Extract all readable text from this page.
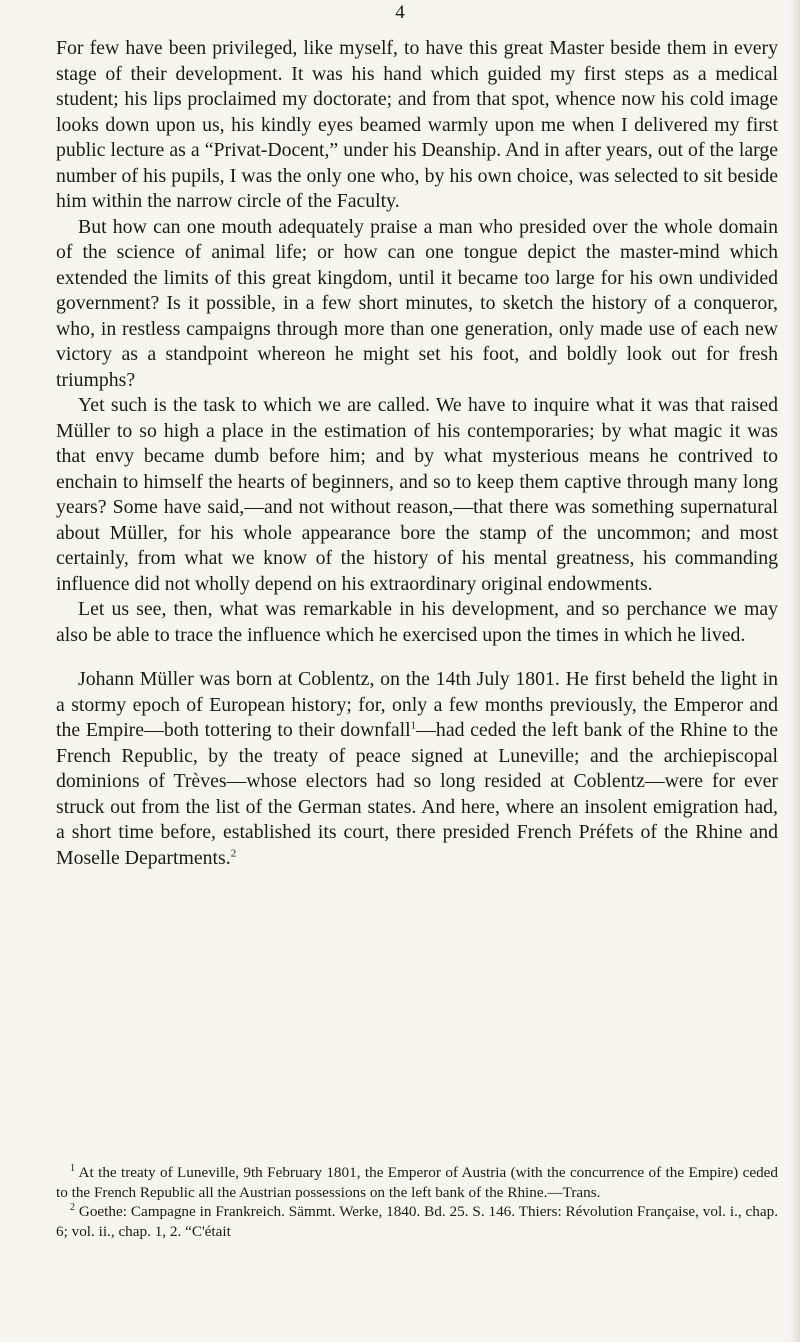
4

For few have been privileged, like myself, to have this great Master beside them in every stage of their development. It was his hand which guided my first steps as a medical student; his lips proclaimed my doctorate; and from that spot, whence now his cold image looks down upon us, his kindly eyes beamed warmly upon me when I delivered my first public lecture as a “Privat-Docent,” under his Deanship. And in after years, out of the large number of his pupils, I was the only one who, by his own choice, was selected to sit beside him within the narrow circle of the Faculty.

But how can one mouth adequately praise a man who presided over the whole domain of the science of animal life; or how can one tongue depict the master-mind which extended the limits of this great kingdom, until it became too large for his own undivided government? Is it possible, in a few short minutes, to sketch the history of a conqueror, who, in restless campaigns through more than one generation, only made use of each new victory as a standpoint whereon he might set his foot, and boldly look out for fresh triumphs?

Yet such is the task to which we are called. We have to inquire what it was that raised Müller to so high a place in the estimation of his contemporaries; by what magic it was that envy became dumb before him; and by what mysterious means he contrived to enchain to himself the hearts of beginners, and so to keep them captive through many long years? Some have said,—and not without reason,—that there was something supernatural about Müller, for his whole appearance bore the stamp of the uncommon; and most certainly, from what we know of the history of his mental greatness, his commanding influence did not wholly depend on his extraordinary original endowments.

Let us see, then, what was remarkable in his development, and so perchance we may also be able to trace the influence which he exercised upon the times in which he lived.

Johann Müller was born at Coblentz, on the 14th July 1801. He first beheld the light in a stormy epoch of European history; for, only a few months previously, the Emperor and the Empire—both tottering to their downfall$^1$—had ceded the left bank of the Rhine to the French Republic, by the treaty of peace signed at Luneville; and the archiepiscopal dominions of Trèves—whose electors had so long resided at Coblentz—were for ever struck out from the list of the German states. And here, where an insolent emigration had, a short time before, established its court, there presided French Préfets of the Rhine and Moselle Departments.$^2$

$^1$ At the treaty of Luneville, 9th February 1801, the Emperor of Austria (with the concurrence of the Empire) ceded to the French Republic all the Austrian possessions on the left bank of the Rhine.—Trans.

$^2$ Goethe: Campagne in Frankreich. Sämmt. Werke, 1840. Bd. 25. S. 146. Thiers: Révolution Française, vol. i., chap. 6; vol. ii., chap. 1, 2. “C'était
